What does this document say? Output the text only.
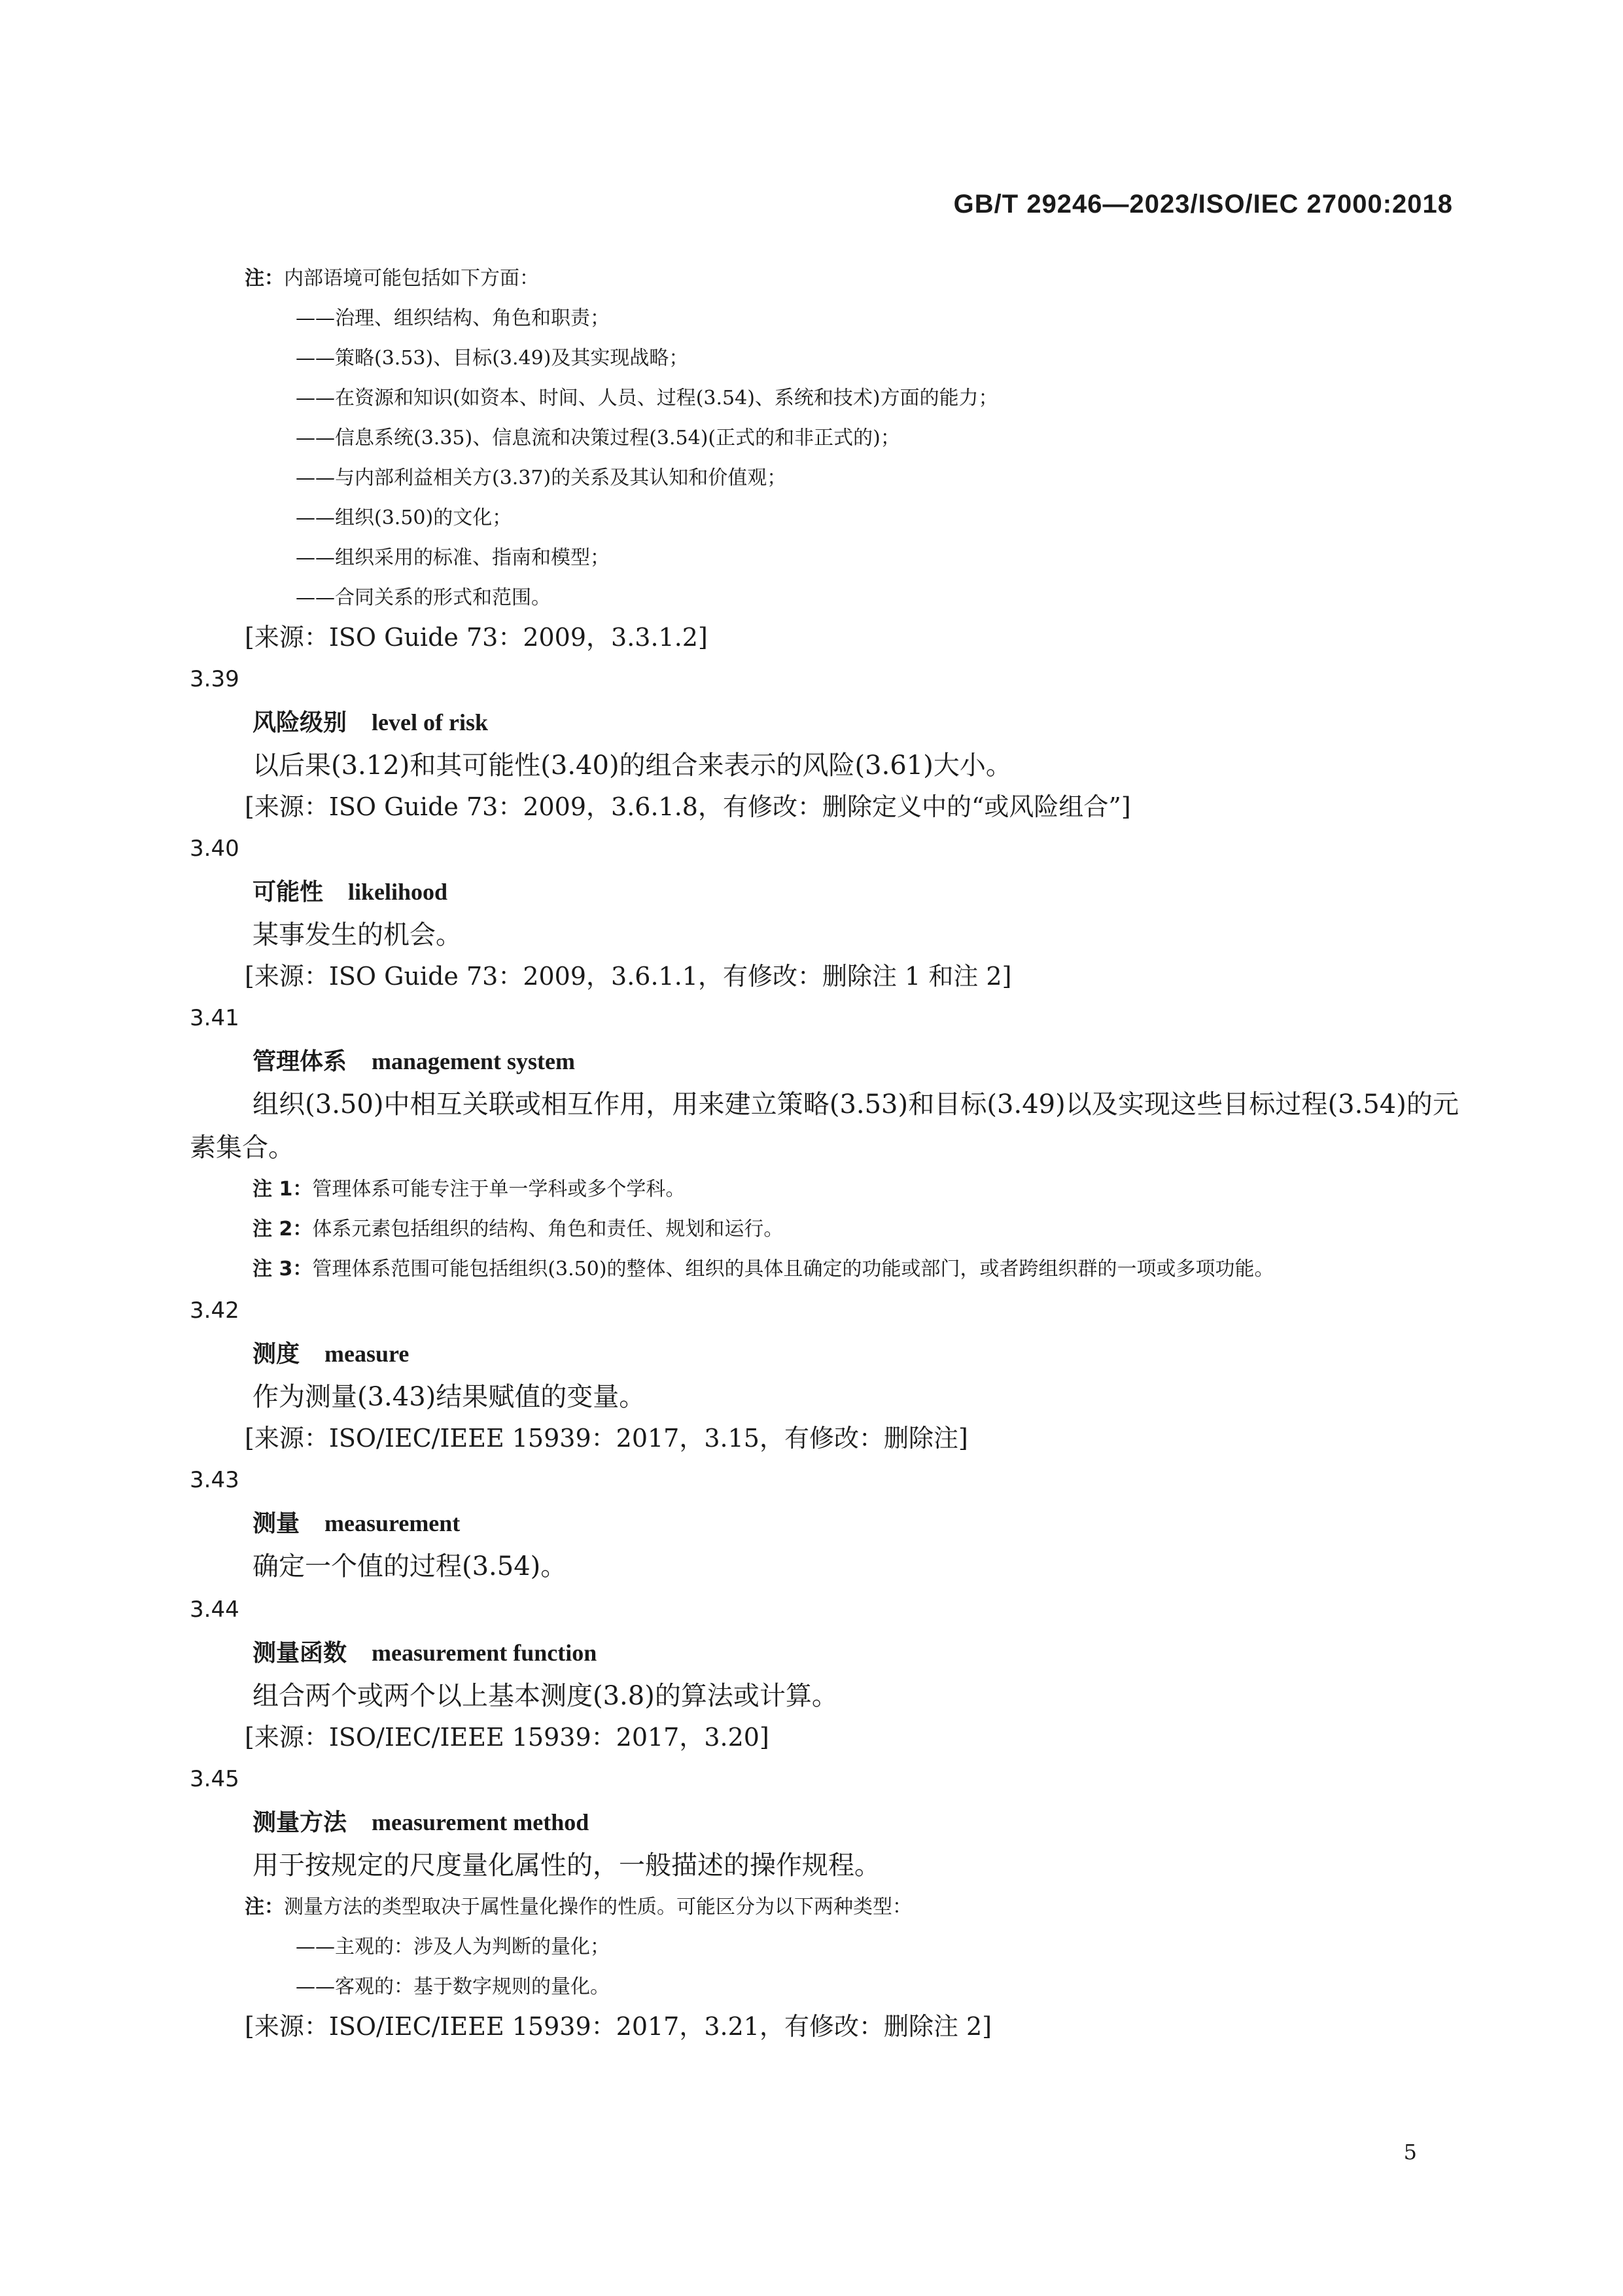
GB/T 29246—2023/ISO/IEC 27000:2018
注：内部语境可能包括如下方面：
——治理、组织结构、角色和职责；
——策略(3.53)、目标(3.49)及其实现战略；
——在资源和知识(如资本、时间、人员、过程(3.54)、系统和技术)方面的能力；
——信息系统(3.35)、信息流和决策过程(3.54)(正式的和非正式的)；
——与内部利益相关方(3.37)的关系及其认知和价值观；
——组织(3.50)的文化；
——组织采用的标准、指南和模型；
——合同关系的形式和范围。
[来源：ISO Guide 73：2009，3.3.1.2]
3.39
风险级别 level of risk
以后果(3.12)和其可能性(3.40)的组合来表示的风险(3.61)大小。
[来源：ISO Guide 73：2009，3.6.1.8，有修改：删除定义中的“或风险组合”]
3.40
可能性 likelihood
某事发生的机会。
[来源：ISO Guide 73：2009，3.6.1.1，有修改：删除注 1 和注 2]
3.41
管理体系 management system
组织(3.50)中相互关联或相互作用，用来建立策略(3.53)和目标(3.49)以及实现这些目标过程(3.54)的元素集合。
注 1：管理体系可能专注于单一学科或多个学科。
注 2：体系元素包括组织的结构、角色和责任、规划和运行。
注 3：管理体系范围可能包括组织(3.50)的整体、组织的具体且确定的功能或部门，或者跨组织群的一项或多项功能。
3.42
测度 measure
作为测量(3.43)结果赋值的变量。
[来源：ISO/IEC/IEEE 15939：2017，3.15，有修改：删除注]
3.43
测量 measurement
确定一个值的过程(3.54)。
3.44
测量函数 measurement function
组合两个或两个以上基本测度(3.8)的算法或计算。
[来源：ISO/IEC/IEEE 15939：2017，3.20]
3.45
测量方法 measurement method
用于按规定的尺度量化属性的，一般描述的操作规程。
注：测量方法的类型取决于属性量化操作的性质。可能区分为以下两种类型：
——主观的：涉及人为判断的量化；
——客观的：基于数字规则的量化。
[来源：ISO/IEC/IEEE 15939：2017，3.21，有修改：删除注 2]
5
